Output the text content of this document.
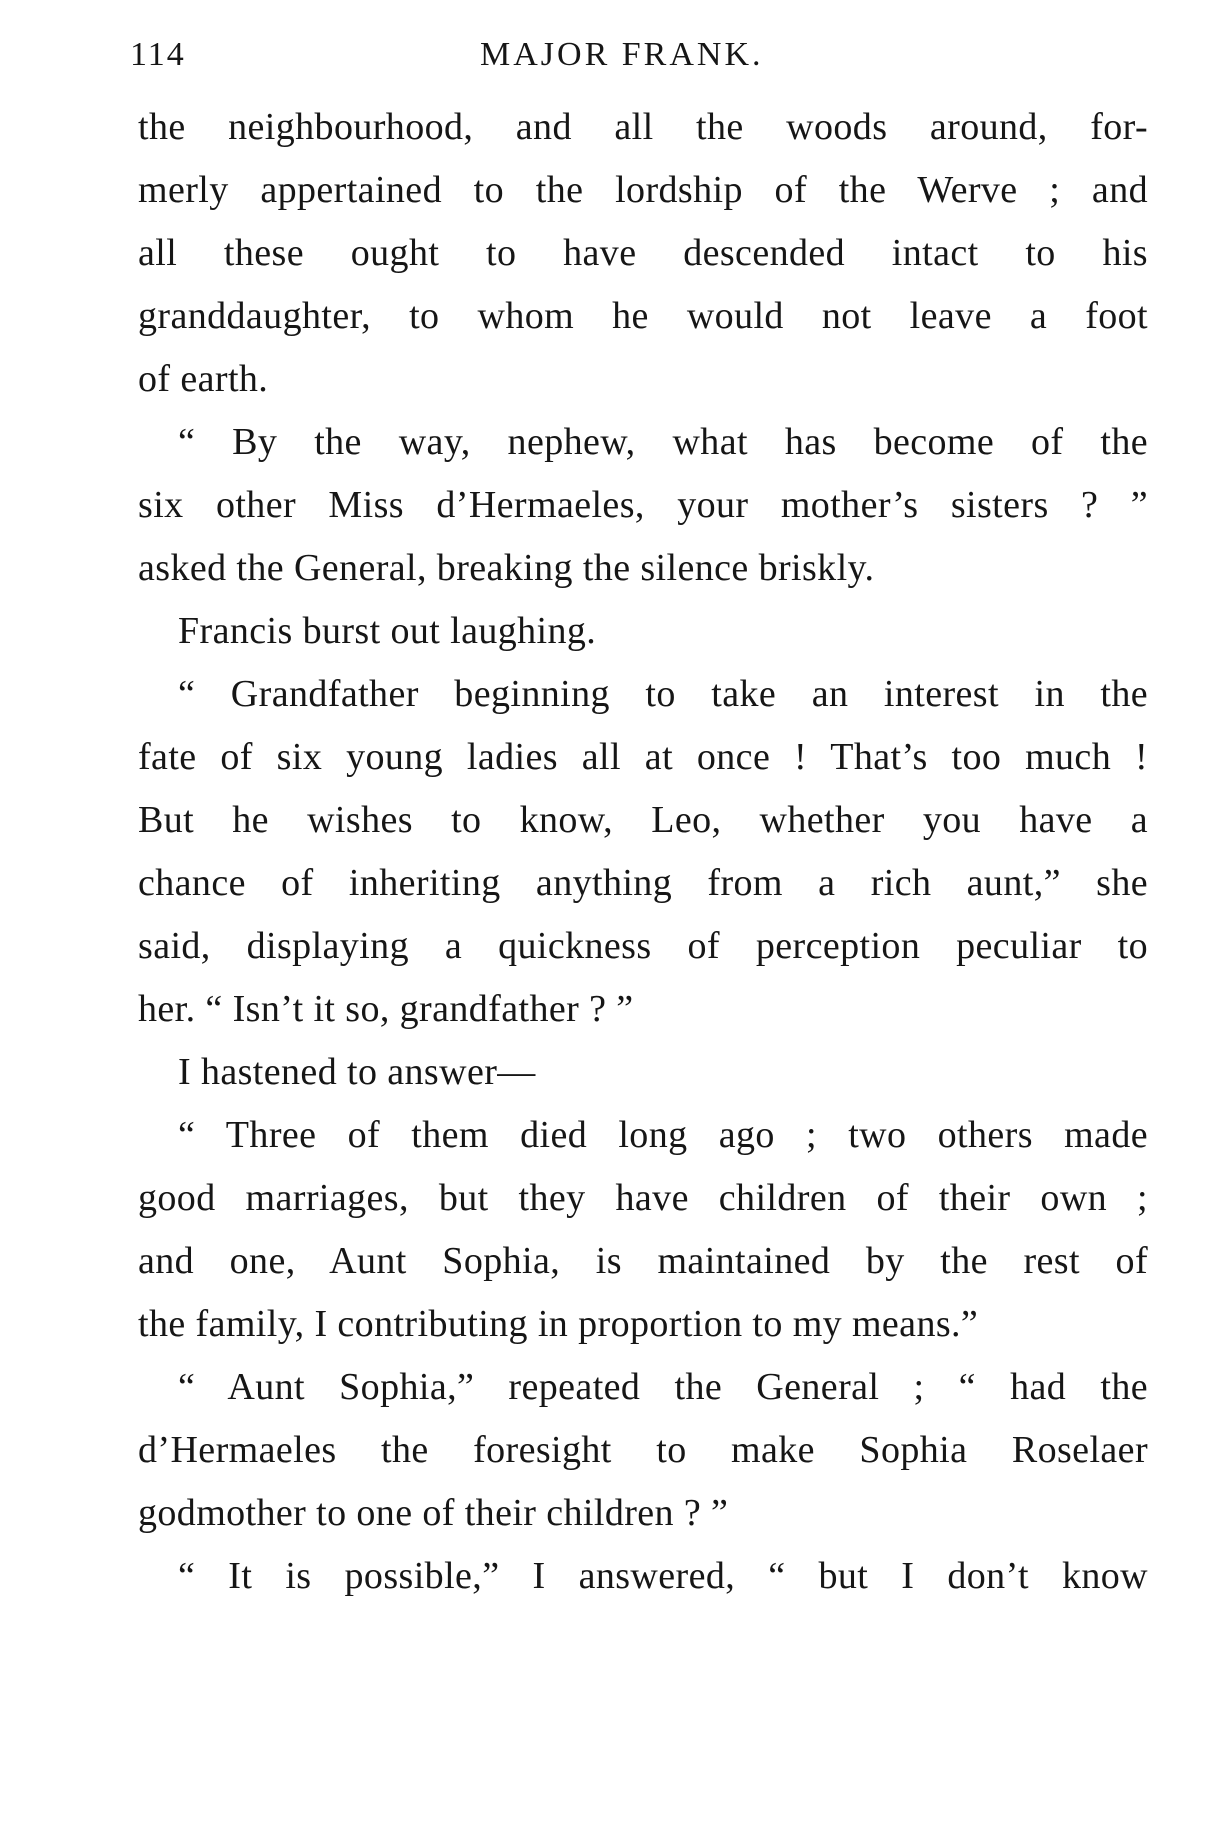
114	MAJOR FRANK.
the neighbourhood, and all the woods around, for-
merly appertained to the lordship of the Werve ; and
all these ought to have descended intact to his
granddaughter, to whom he would not leave a foot
of earth.
“ By the way, nephew, what has become of the
six other Miss d’Hermaeles, your mother’s sisters ? ”
asked the General, breaking the silence briskly.
Francis burst out laughing.
“ Grandfather beginning to take an interest in the
fate of six young ladies all at once ! That’s too much !
But he wishes to know, Leo, whether you have a
chance of inheriting anything from a rich aunt,” she
said, displaying a quickness of perception peculiar to
her. “ Isn’t it so, grandfather ? ”
I hastened to answer—
“ Three of them died long ago ; two others made
good marriages, but they have children of their own ;
and one, Aunt Sophia, is maintained by the rest of
the family, I contributing in proportion to my means.”
“ Aunt Sophia,” repeated the General ; “ had the
d’Hermaeles the foresight to make Sophia Roselaer
godmother to one of their children ? ”
“ It is possible,” I answered, “ but I don’t know
